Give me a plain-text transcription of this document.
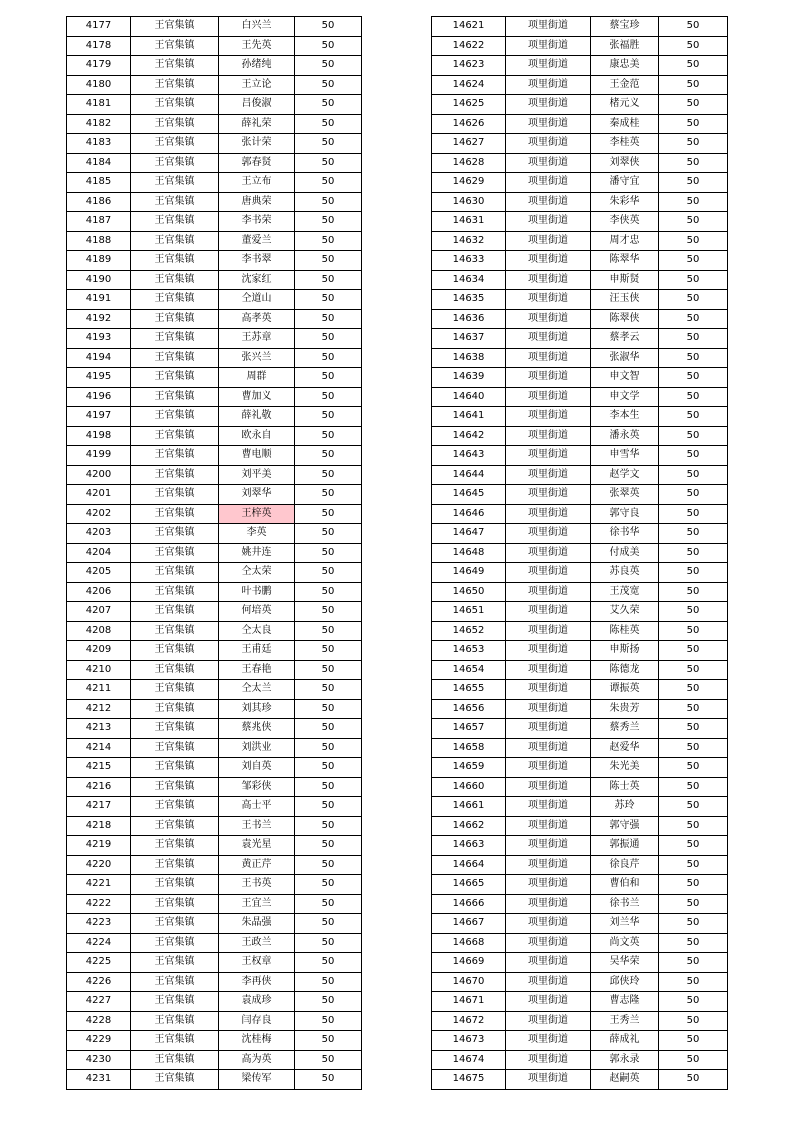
4177	王官集镇	白兴兰	50
4178	王官集镇	王先英	50
4179	王官集镇	孙绪纯	50
4180	王官集镇	王立论	50
4181	王官集镇	吕俊淑	50
4182	王官集镇	薛礼荣	50
4183	王官集镇	张计荣	50
4184	王官集镇	郭春贤	50
4185	王官集镇	王立布	50
4186	王官集镇	唐典荣	50
4187	王官集镇	李书荣	50
4188	王官集镇	董爱兰	50
4189	王官集镇	李书翠	50
4190	王官集镇	沈家红	50
4191	王官集镇	仝道山	50
4192	王官集镇	高孝英	50
4193	王官集镇	王苏章	50
4194	王官集镇	张兴兰	50
4195	王官集镇	周群	50
4196	王官集镇	曹加义	50
4197	王官集镇	薛礼敬	50
4198	王官集镇	欧永自	50
4199	王官集镇	曹电顺	50
4200	王官集镇	刘平美	50
4201	王官集镇	刘翠华	50
4202	王官集镇	王梓英	50
4203	王官集镇	李英	50
4204	王官集镇	姚井连	50
4205	王官集镇	仝太荣	50
4206	王官集镇	叶书鹏	50
4207	王官集镇	何培英	50
4208	王官集镇	仝太良	50
4209	王官集镇	王甫廷	50
4210	王官集镇	王春艳	50
4211	王官集镇	仝太兰	50
4212	王官集镇	刘其珍	50
4213	王官集镇	蔡兆侠	50
4214	王官集镇	刘洪业	50
4215	王官集镇	刘自英	50
4216	王官集镇	邹彩侠	50
4217	王官集镇	高士平	50
4218	王官集镇	王书兰	50
4219	王官集镇	袁光星	50
4220	王官集镇	黄正芹	50
4221	王官集镇	王书英	50
4222	王官集镇	王宜兰	50
4223	王官集镇	朱晶强	50
4224	王官集镇	王政兰	50
4225	王官集镇	王权章	50
4226	王官集镇	李再侠	50
4227	王官集镇	袁成珍	50
4228	王官集镇	闫存良	50
4229	王官集镇	沈桂梅	50
4230	王官集镇	高为英	50
4231	王官集镇	梁传军	50
14621	项里街道	蔡宝珍	50
14622	项里街道	张福胜	50
14623	项里街道	康忠美	50
14624	项里街道	王金范	50
14625	项里街道	楮元义	50
14626	项里街道	秦成桂	50
14627	项里街道	李桂英	50
14628	项里街道	刘翠侠	50
14629	项里街道	潘守宜	50
14630	项里街道	朱彩华	50
14631	项里街道	李侠英	50
14632	项里街道	周才忠	50
14633	项里街道	陈翠华	50
14634	项里街道	申斯贤	50
14635	项里街道	汪玉侠	50
14636	项里街道	陈翠侠	50
14637	项里街道	蔡孝云	50
14638	项里街道	张淑华	50
14639	项里街道	申文智	50
14640	项里街道	申文学	50
14641	项里街道	李本生	50
14642	项里街道	潘永英	50
14643	项里街道	申雪华	50
14644	项里街道	赵学文	50
14645	项里街道	张翠英	50
14646	项里街道	郭守良	50
14647	项里街道	徐书华	50
14648	项里街道	付成美	50
14649	项里街道	苏良英	50
14650	项里街道	王茂宽	50
14651	项里街道	艾久荣	50
14652	项里街道	陈桂英	50
14653	项里街道	申斯扬	50
14654	项里街道	陈德龙	50
14655	项里街道	谭振英	50
14656	项里街道	朱贵芳	50
14657	项里街道	蔡秀兰	50
14658	项里街道	赵爱华	50
14659	项里街道	朱光美	50
14660	项里街道	陈士英	50
14661	项里街道	苏玲	50
14662	项里街道	郭守强	50
14663	项里街道	郭振通	50
14664	项里街道	徐良芹	50
14665	项里街道	曹伯和	50
14666	项里街道	徐书兰	50
14667	项里街道	刘兰华	50
14668	项里街道	尚文英	50
14669	项里街道	吴华荣	50
14670	项里街道	邱侠玲	50
14671	项里街道	曹志隆	50
14672	项里街道	王秀兰	50
14673	项里街道	薛成礼	50
14674	项里街道	郭永录	50
14675	项里街道	赵嗣英	50
